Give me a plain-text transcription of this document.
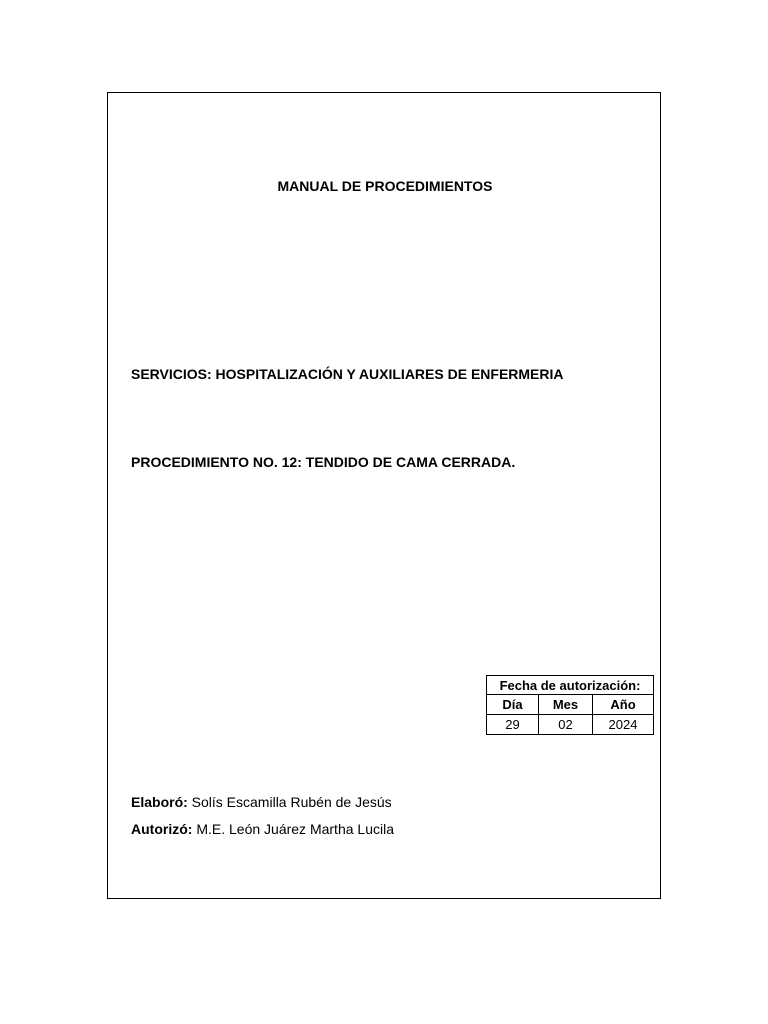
MANUAL DE PROCEDIMIENTOS
SERVICIOS: HOSPITALIZACIÓN Y AUXILIARES DE ENFERMERIA
PROCEDIMIENTO NO. 12: TENDIDO DE CAMA CERRADA.
Fecha de autorización:		
Día	Mes	Año
29	02	2024
Elaboró: Solís Escamilla Rubén de Jesús
Autorizó: M.E. León Juárez Martha Lucila
